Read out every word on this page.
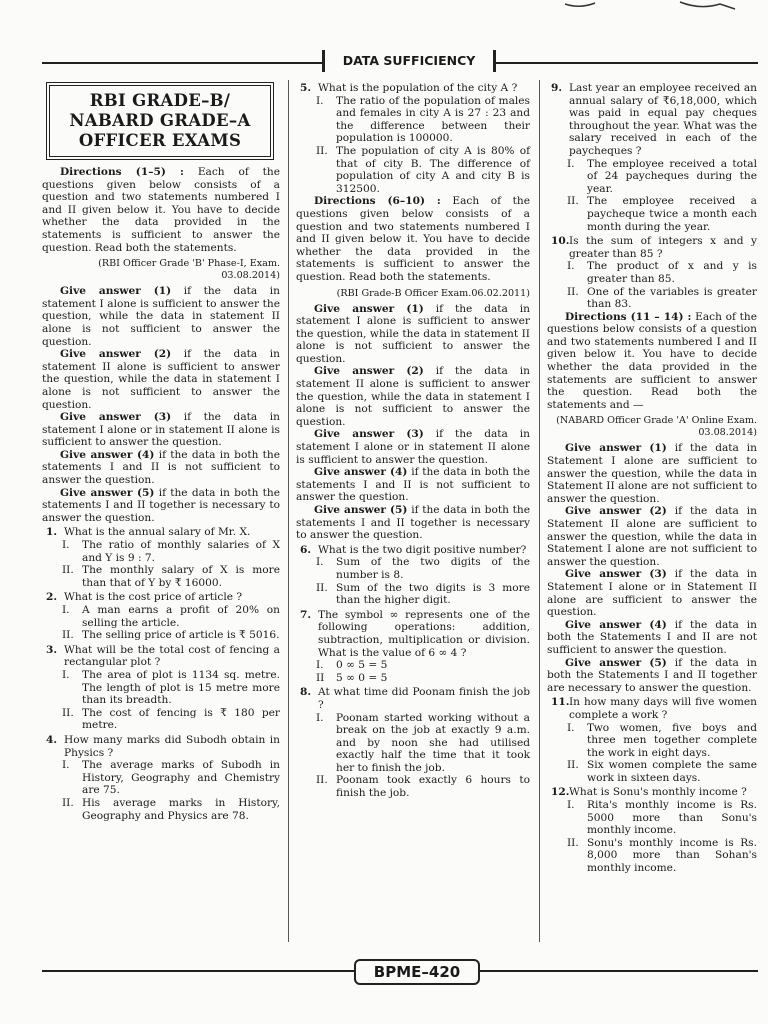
DATA SUFFICIENCY
RBI GRADE–B/
NABARD GRADE–A
OFFICER EXAMS

Directions (1–5) : Each of the questions given below consists of a question and two statements numbered I and II given below it. You have to decide whether the data provided in the statements is sufficient to answer the question. Read both the statements.

(RBI Officer Grade 'B' Phase-I, Exam. 03.08.2014)

Give answer (1) if the data in statement I alone is sufficient to answer the question, while the data in statement II alone is not sufficient to answer the question.

Give answer (2) if the data in statement II alone is sufficient to answer the question, while the data in statement I alone is not sufficient to answer the question.

Give answer (3) if the data in statement I alone or in statement II alone is sufficient to answer the question.

Give answer (4) if the data in both the statements I and II is not sufficient to answer the question.

Give answer (5) if the data in both the statements I and II together is necessary to answer the question.

1. What is the annual salary of Mr. X.
I. The ratio of monthly salaries of X and Y is 9 : 7.
II. The monthly salary of X is more than that of Y by ₹ 16000.
2. What is the cost price of article ?
I. A man earns a profit of 20% on selling the article.
II. The selling price of article is ₹ 5016.
3. What will be the total cost of fencing a rectangular plot ?
I. The area of plot is 1134 sq. metre. The length of plot is 15 metre more than its breadth.
II. The cost of fencing is ₹ 180 per metre.
4. How many marks did Subodh obtain in Physics ?
I. The average marks of Subodh in History, Geography and Chemistry are 75.
II. His average marks in History, Geography and Physics are 78.
5. What is the population of the city A ?
I. The ratio of the population of males and females in city A is 27 : 23 and the difference between their population is 100000.
II. The population of city A is 80% of that of city B. The difference of population of city A and city B is 312500.

Directions (6–10) : Each of the questions given below consists of a question and two statements numbered I and II given below it. You have to decide whether the data provided in the statements is sufficient to answer the question. Read both the statements.

(RBI Grade-B Officer Exam.06.02.2011)

Give answer (1) if the data in statement I alone is sufficient to answer the question, while the data in statement II alone is not sufficient to answer the question.

Give answer (2) if the data in statement II alone is sufficient to answer the question, while the data in statement I alone is not sufficient to answer the question.

Give answer (3) if the data in statement I alone or in statement II alone is sufficient to answer the question.

Give answer (4) if the data in both the statements I and II is not sufficient to answer the question.

Give answer (5) if the data in both the statements I and II together is necessary to answer the question.

6. What is the two digit positive number?
I. Sum of the two digits of the number is 8.
II. Sum of the two digits is 3 more than the higher digit.
7. The symbol ∞ represents one of the following operations: addition, subtraction, multiplication or division. What is the value of 6 ∞ 4 ?
I. 0 ∞ 5 = 5
II 5 ∞ 0 = 5
8. At what time did Poonam finish the job ?
I. Poonam started working without a break on the job at exactly 9 a.m. and by noon she had utilised exactly half the time that it took her to finish the job.
II. Poonam took exactly 6 hours to finish the job.
9. Last year an employee received an annual salary of ₹6,18,000, which was paid in equal pay cheques throughout the year. What was the salary received in each of the paycheques ?
I. The employee received a total of 24 paycheques during the year.
II. The employee received a paycheque twice a month each month during the year.
10. Is the sum of integers x and y greater than 85 ?
I. The product of x and y is greater than 85.
II. One of the variables is greater than 83.

Directions (11 – 14) : Each of the questions below consists of a question and two statements numbered I and II given below it. You have to decide whether the data provided in the statements are sufficient to answer the question. Read both the statements and —

(NABARD Officer Grade 'A' Online Exam. 03.08.2014)

Give answer (1) if the data in Statement I alone are sufficient to answer the question, while the data in Statement II alone are not sufficient to answer the question.

Give answer (2) if the data in Statement II alone are sufficient to answer the question, while the data in Statement I alone are not sufficient to answer the question.

Give answer (3) if the data in Statement I alone or in Statement II alone are sufficient to answer the question.

Give answer (4) if the data in both the Statements I and II are not sufficient to answer the question.

Give answer (5) if the data in both the Statements I and II together are necessary to answer the question.

11. In how many days will five women complete a work ?
I. Two women, five boys and three men together complete the work in eight days.
II. Six women complete the same work in sixteen days.
12. What is Sonu's monthly income ?
I. Rita's monthly income is Rs. 5000 more than Sonu's monthly income.
II. Sonu's monthly income is Rs. 8,000 more than Sohan's monthly income.
BPME–420
